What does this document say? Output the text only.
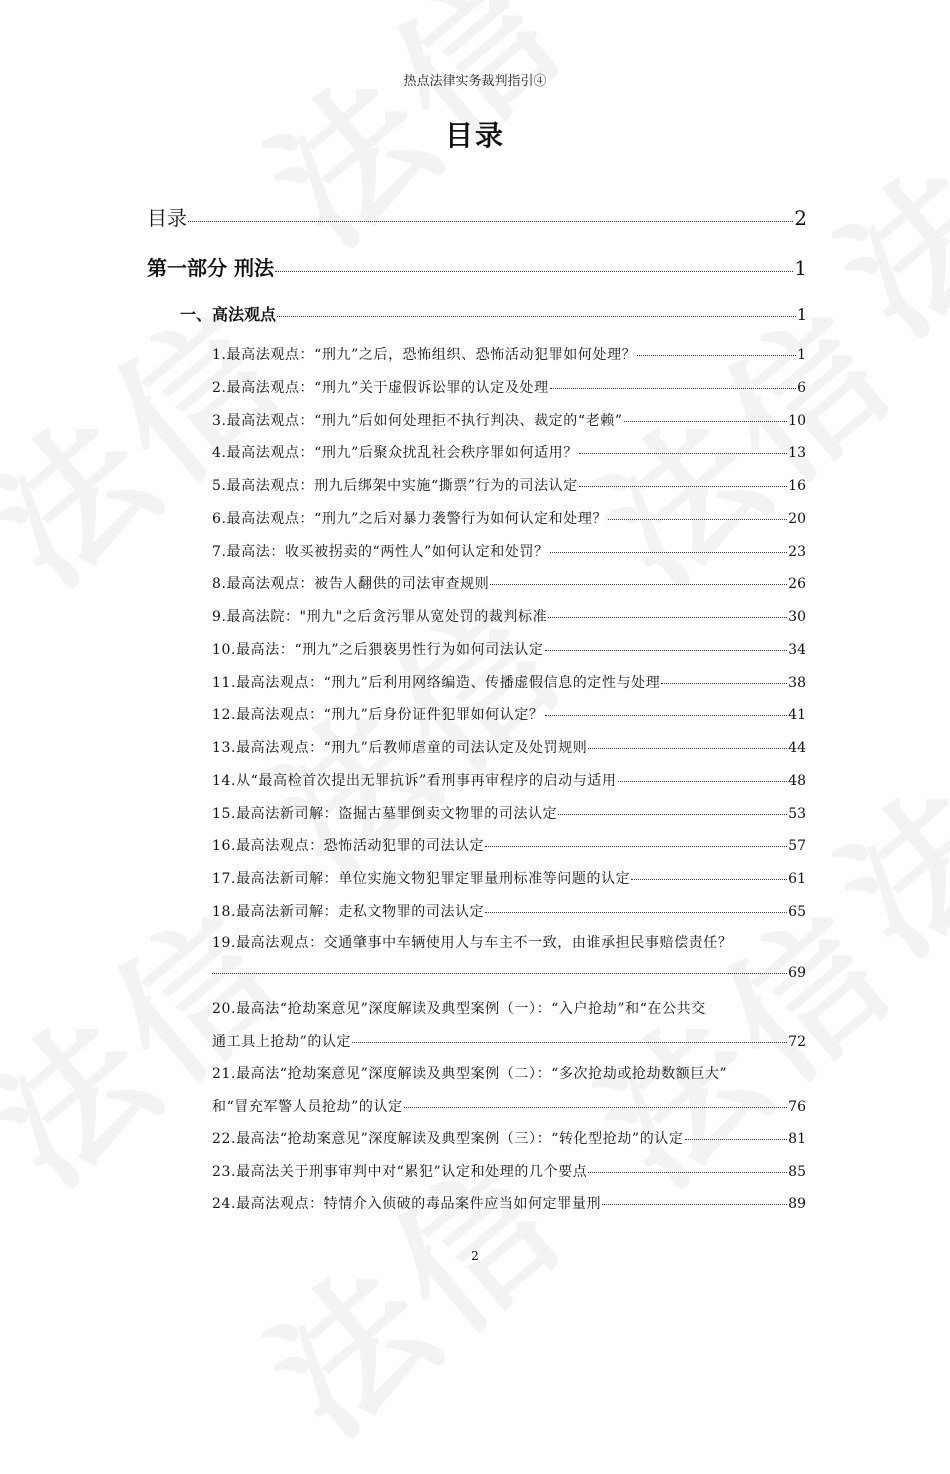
热点法律实务裁判指引④
目录
目录	2
第一部分 刑法	1
一、高法观点	1
1.最高法观点：“刑九”之后，恐怖组织、恐怖活动犯罪如何处理？	1
2.最高法观点：“刑九”关于虚假诉讼罪的认定及处理	6
3.最高法观点：“刑九”后如何处理拒不执行判决、裁定的“老赖”	10
4.最高法观点：“刑九”后聚众扰乱社会秩序罪如何适用？	13
5.最高法观点：刑九后绑架中实施“撕票”行为的司法认定	16
6.最高法观点：“刑九”之后对暴力袭警行为如何认定和处理？	20
7.最高法：收买被拐卖的“两性人”如何认定和处罚？	23
8.最高法观点：被告人翻供的司法审查规则	26
9.最高法院："刑九"之后贪污罪从宽处罚的裁判标准	30
10.最高法：“刑九”之后猥亵男性行为如何司法认定	34
11.最高法观点：“刑九”后利用网络编造、传播虚假信息的定性与处理	38
12.最高法观点：“刑九”后身份证件犯罪如何认定？	41
13.最高法观点：“刑九”后教师虐童的司法认定及处罚规则	44
14.从“最高检首次提出无罪抗诉”看刑事再审程序的启动与适用	48
15.最高法新司解：盗掘古墓罪倒卖文物罪的司法认定	53
16.最高法观点：恐怖活动犯罪的司法认定	57
17.最高法新司解：单位实施文物犯罪定罪量刑标准等问题的认定	61
18.最高法新司解：走私文物罪的司法认定	65
19.最高法观点：交通肇事中车辆使用人与车主不一致，由谁承担民事赔偿责任？
69
20.最高法“抢劫案意见”深度解读及典型案例（一）：“入户抢劫”和“在公共交
通工具上抢劫”的认定	72
21.最高法“抢劫案意见”深度解读及典型案例（二）：“多次抢劫或抢劫数额巨大”
和“冒充军警人员抢劫”的认定	76
22.最高法“抢劫案意见”深度解读及典型案例（三）：“转化型抢劫”的认定	81
23.最高法关于刑事审判中对“累犯”认定和处理的几个要点	85
24.最高法观点：特情介入侦破的毒品案件应当如何定罪量刑	89
2
